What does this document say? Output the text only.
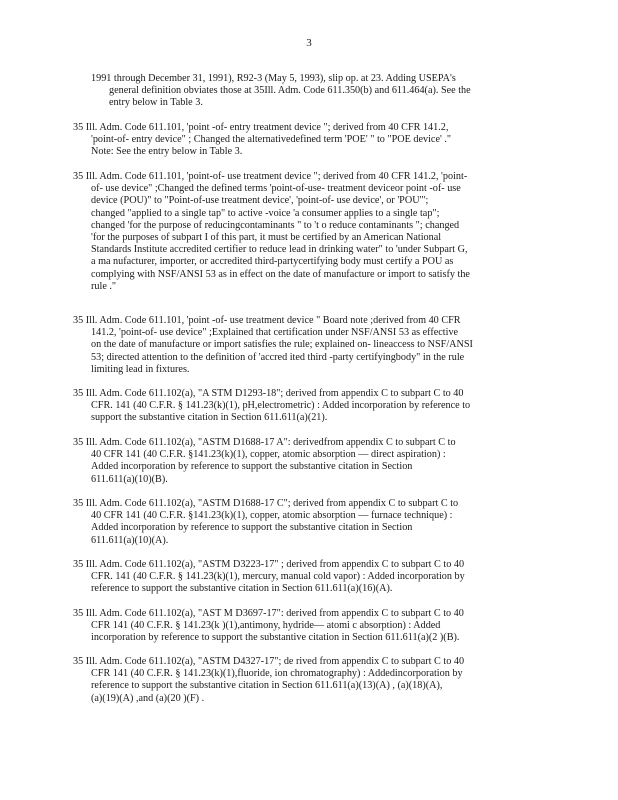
3
1991 through December 31, 1991), R92-3 (May 5, 1993), slip op. at 23. Adding USEPA's
general definition obviates those at 35Ill. Adm. Code 611.350(b) and 611.464(a). See the
entry below in Table 3.
35 Ill. Adm. Code 611.101, 'point -of- entry treatment device "; derived from 40 CFR 141.2,
'point-of- entry device" ; Changed the alternativedefined term 'POE' " to "POE device' ."
Note: See the entry below in Table 3.
35 Ill. Adm. Code 611.101, 'point-of- use treatment device "; derived from 40 CFR 141.2, 'point-
of- use device" ;Changed the defined terms 'point-of-use- treatment deviceor point -of- use
device (POU)" to "Point-of-use treatment device', 'point-of- use device', or 'POU"';
changed "applied to a single tap" to active -voice 'a consumer applies to a single tap";
changed 'for the purpose of reducingcontaminants " to 't o reduce contaminants "; changed
'for the purposes of subpart I of this part, it must be certified by an American National
Standards Institute accredited certifier to reduce lead in drinking water" to 'under Subpart G,
a ma nufacturer, importer, or accredited third-partycertifying body must certify a POU as
complying with NSF/ANSI 53 as in effect on the date of manufacture or import to satisfy the
rule ."
35 Ill. Adm. Code 611.101, 'point -of- use treatment device " Board note ;derived from 40 CFR
141.2, 'point-of- use device" ;Explained that certification under NSF/ANSI 53 as effective
on the date of manufacture or import satisfies the rule; explained on- lineaccess to NSF/ANSI
53; directed attention to the definition of 'accred ited third -party certifyingbody" in the rule
limiting lead in fixtures.
35 Ill. Adm. Code 611.102(a), "A STM D1293-18"; derived from appendix C to subpart C to 40
CFR. 141 (40 C.F.R. § 141.23(k)(1), pH,electrometric) : Added incorporation by reference to
support the substantive citation in Section 611.611(a)(21).
35 Ill. Adm. Code 611.102(a), "ASTM D1688-17 A": derivedfrom appendix C to subpart C to
40 CFR 141 (40 C.F.R. §141.23(k)(1), copper, atomic absorption — direct aspiration) :
Added incorporation by reference to support the substantive citation in Section
611.611(a)(10)(B).
35 Ill. Adm. Code 611.102(a), "ASTM D1688-17 C"; derived from appendix C to subpart C to
40 CFR 141 (40 C.F.R. §141.23(k)(1), copper, atomic absorption — furnace technique) :
Added incorporation by reference to support the substantive citation in Section
611.611(a)(10)(A).
35 Ill. Adm. Code 611.102(a), "ASTM D3223-17" ; derived from appendix C to subpart C to 40
CFR. 141 (40 C.F.R. § 141.23(k)(1), mercury, manual cold vapor) : Added incorporation by
reference to support the substantive citation in Section 611.611(a)(16)(A).
35 Ill. Adm. Code 611.102(a), "AST M D3697-17": derived from appendix C to subpart C to 40
CFR 141 (40 C.F.R. § 141.23(k )(1),antimony, hydride— atomi c absorption) : Added
incorporation by reference to support the substantive citation in Section 611.611(a)(2 )(B).
35 Ill. Adm. Code 611.102(a), "ASTM D4327-17"; de rived from appendix C to subpart C to 40
CFR 141 (40 C.F.R. § 141.23(k)(1),fluoride, ion chromatography) : Addedincorporation by
reference to support the substantive citation in Section 611.611(a)(13)(A) , (a)(18)(A),
(a)(19)(A) ,and (a)(20 )(F) .
